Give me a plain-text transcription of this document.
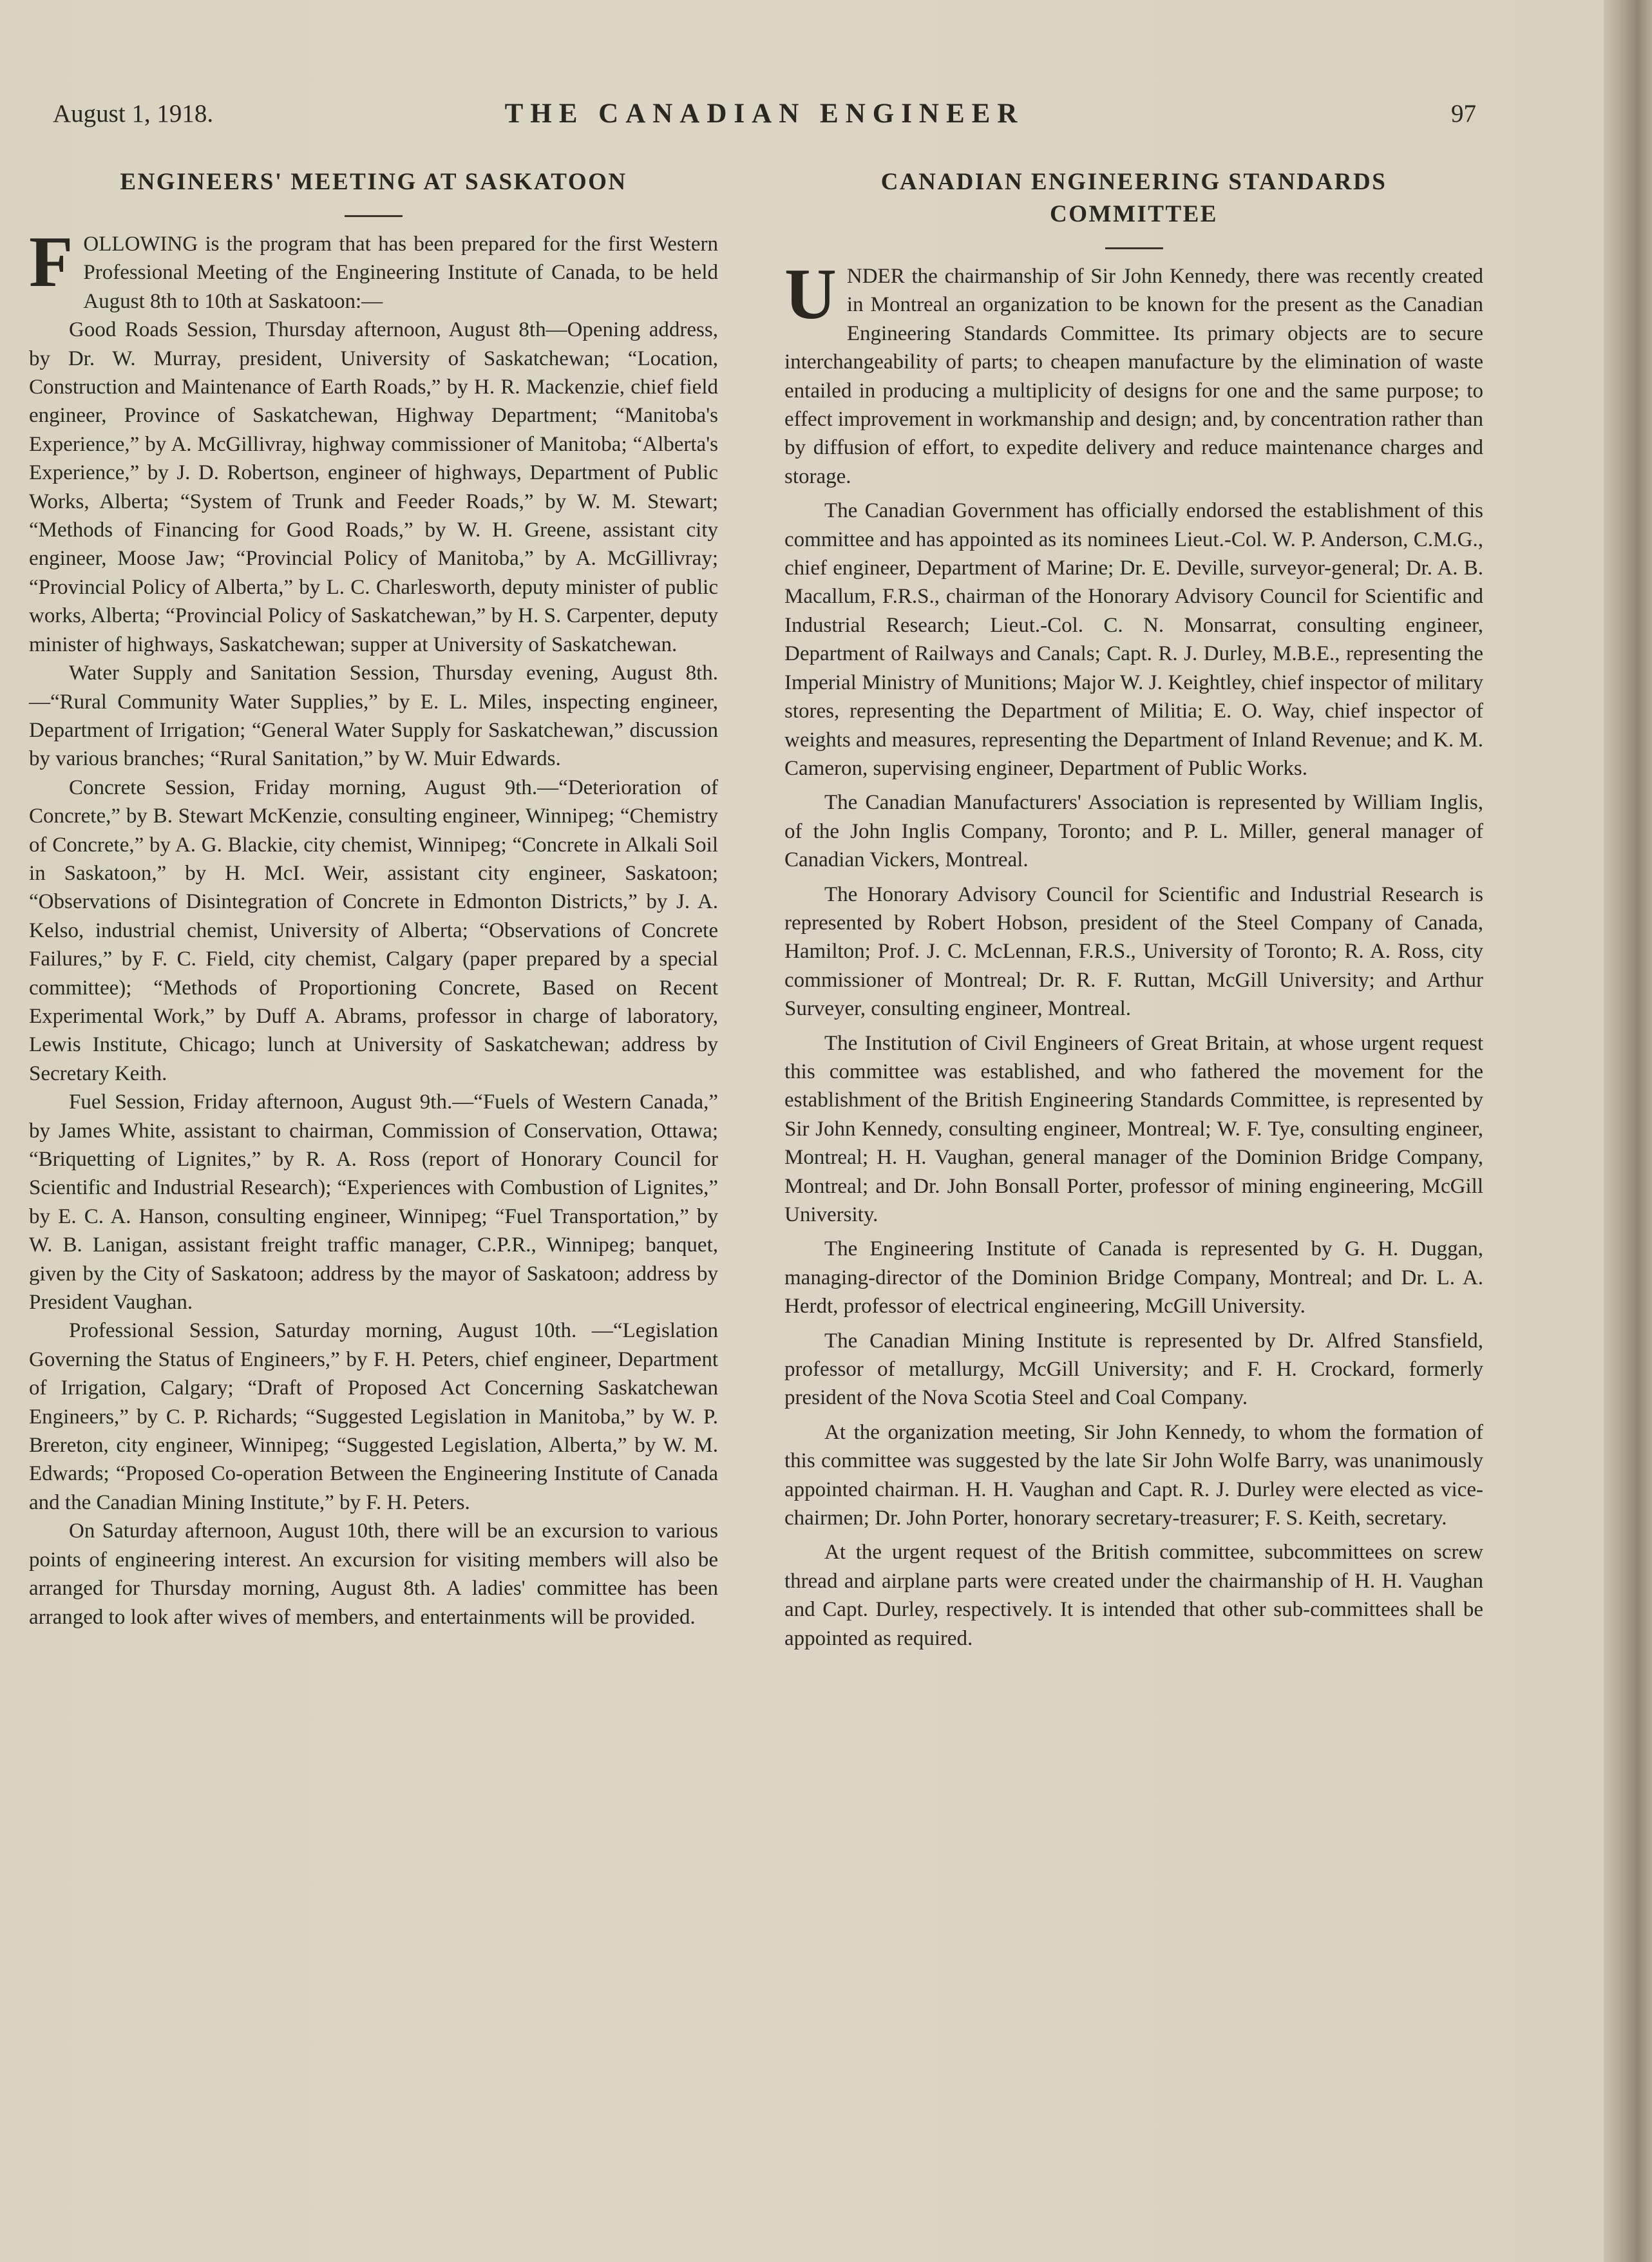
August 1, 1918.	THE CANADIAN ENGINEER	97
ENGINEERS' MEETING AT SASKATOON

FOLLOWING is the program that has been prepared for the first Western Professional Meeting of the Engineering Institute of Canada, to be held August 8th to 10th at Saskatoon:—

Good Roads Session, Thursday afternoon, August 8th—Opening address, by Dr. W. Murray, president, University of Saskatchewan; “Location, Construction and Maintenance of Earth Roads,” by H. R. Mackenzie, chief field engineer, Province of Saskatchewan, Highway Department; “Manitoba's Experience,” by A. McGillivray, highway commissioner of Manitoba; “Alberta's Experience,” by J. D. Robertson, engineer of highways, Department of Public Works, Alberta; “System of Trunk and Feeder Roads,” by W. M. Stewart; “Methods of Financing for Good Roads,” by W. H. Greene, assistant city engineer, Moose Jaw; “Provincial Policy of Manitoba,” by A. McGillivray; “Provincial Policy of Alberta,” by L. C. Charlesworth, deputy minister of public works, Alberta; “Provincial Policy of Saskatchewan,” by H. S. Carpenter, deputy minister of highways, Saskatchewan; supper at University of Saskatchewan.

Water Supply and Sanitation Session, Thursday evening, August 8th.—“Rural Community Water Supplies,” by E. L. Miles, inspecting engineer, Department of Irrigation; “General Water Supply for Saskatchewan,” discussion by various branches; “Rural Sanitation,” by W. Muir Edwards.

Concrete Session, Friday morning, August 9th.—“Deterioration of Concrete,” by B. Stewart McKenzie, consulting engineer, Winnipeg; “Chemistry of Concrete,” by A. G. Blackie, city chemist, Winnipeg; “Concrete in Alkali Soil in Saskatoon,” by H. McI. Weir, assistant city engineer, Saskatoon; “Observations of Disintegration of Concrete in Edmonton Districts,” by J. A. Kelso, industrial chemist, University of Alberta; “Observations of Concrete Failures,” by F. C. Field, city chemist, Calgary (paper prepared by a special committee); “Methods of Proportioning Concrete, Based on Recent Experimental Work,” by Duff A. Abrams, professor in charge of laboratory, Lewis Institute, Chicago; lunch at University of Saskatchewan; address by Secretary Keith.

Fuel Session, Friday afternoon, August 9th.—“Fuels of Western Canada,” by James White, assistant to chairman, Commission of Conservation, Ottawa; “Briquetting of Lignites,” by R. A. Ross (report of Honorary Council for Scientific and Industrial Research); “Experiences with Combustion of Lignites,” by E. C. A. Hanson, consulting engineer, Winnipeg; “Fuel Transportation,” by W. B. Lanigan, assistant freight traffic manager, C.P.R., Winnipeg; banquet, given by the City of Saskatoon; address by the mayor of Saskatoon; address by President Vaughan.

Professional Session, Saturday morning, August 10th. —“Legislation Governing the Status of Engineers,” by F. H. Peters, chief engineer, Department of Irrigation, Calgary; “Draft of Proposed Act Concerning Saskatchewan Engineers,” by C. P. Richards; “Suggested Legislation in Manitoba,” by W. P. Brereton, city engineer, Winnipeg; “Suggested Legislation, Alberta,” by W. M. Edwards; “Proposed Co-operation Between the Engineering Institute of Canada and the Canadian Mining Institute,” by F. H. Peters.

On Saturday afternoon, August 10th, there will be an excursion to various points of engineering interest. An excursion for visiting members will also be arranged for Thursday morning, August 8th. A ladies' committee has been arranged to look after wives of members, and entertainments will be provided.

CANADIAN ENGINEERING STANDARDS
COMMITTEE

UNDER the chairmanship of Sir John Kennedy, there was recently created in Montreal an organization to be known for the present as the Canadian Engineering Standards Committee. Its primary objects are to secure interchangeability of parts; to cheapen manufacture by the elimination of waste entailed in producing a multiplicity of designs for one and the same purpose; to effect improvement in workmanship and design; and, by concentration rather than by diffusion of effort, to expedite delivery and reduce maintenance charges and storage.

The Canadian Government has officially endorsed the establishment of this committee and has appointed as its nominees Lieut.-Col. W. P. Anderson, C.M.G., chief engineer, Department of Marine; Dr. E. Deville, surveyor-general; Dr. A. B. Macallum, F.R.S., chairman of the Honorary Advisory Council for Scientific and Industrial Research; Lieut.-Col. C. N. Monsarrat, consulting engineer, Department of Railways and Canals; Capt. R. J. Durley, M.B.E., representing the Imperial Ministry of Munitions; Major W. J. Keightley, chief inspector of military stores, representing the Department of Militia; E. O. Way, chief inspector of weights and measures, representing the Department of Inland Revenue; and K. M. Cameron, supervising engineer, Department of Public Works.

The Canadian Manufacturers' Association is represented by William Inglis, of the John Inglis Company, Toronto; and P. L. Miller, general manager of Canadian Vickers, Montreal.

The Honorary Advisory Council for Scientific and Industrial Research is represented by Robert Hobson, president of the Steel Company of Canada, Hamilton; Prof. J. C. McLennan, F.R.S., University of Toronto; R. A. Ross, city commissioner of Montreal; Dr. R. F. Ruttan, McGill University; and Arthur Surveyer, consulting engineer, Montreal.

The Institution of Civil Engineers of Great Britain, at whose urgent request this committee was established, and who fathered the movement for the establishment of the British Engineering Standards Committee, is represented by Sir John Kennedy, consulting engineer, Montreal; W. F. Tye, consulting engineer, Montreal; H. H. Vaughan, general manager of the Dominion Bridge Company, Montreal; and Dr. John Bonsall Porter, professor of mining engineering, McGill University.

The Engineering Institute of Canada is represented by G. H. Duggan, managing-director of the Dominion Bridge Company, Montreal; and Dr. L. A. Herdt, professor of electrical engineering, McGill University.

The Canadian Mining Institute is represented by Dr. Alfred Stansfield, professor of metallurgy, McGill University; and F. H. Crockard, formerly president of the Nova Scotia Steel and Coal Company.

At the organization meeting, Sir John Kennedy, to whom the formation of this committee was suggested by the late Sir John Wolfe Barry, was unanimously appointed chairman. H. H. Vaughan and Capt. R. J. Durley were elected as vice-chairmen; Dr. John Porter, honorary secretary-treasurer; F. S. Keith, secretary.

At the urgent request of the British committee, subcommittees on screw thread and airplane parts were created under the chairmanship of H. H. Vaughan and Capt. Durley, respectively. It is intended that other sub-committees shall be appointed as required.
